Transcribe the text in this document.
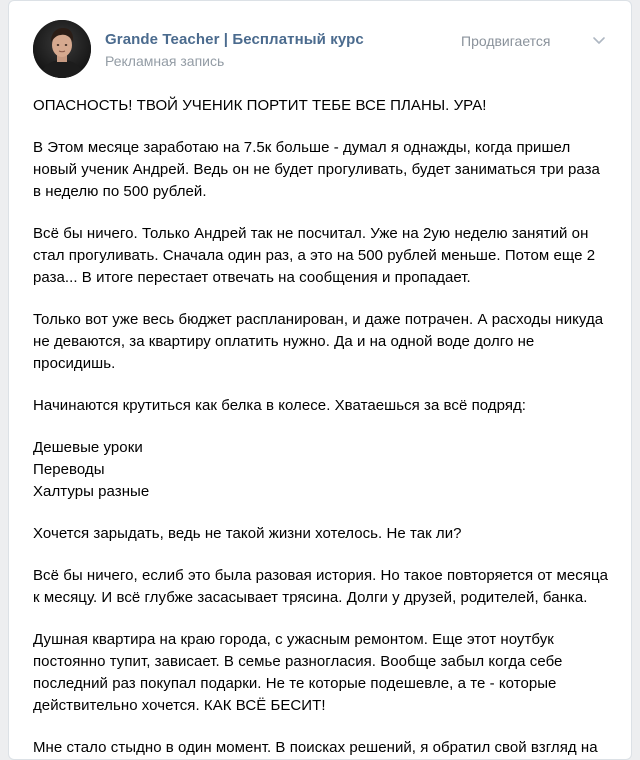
Grande Teacher | Бесплатный курс
Рекламная запись
Продвигается

ОПАСНОСТЬ! ТВОЙ УЧЕНИК ПОРТИТ ТЕБЕ ВСЕ ПЛАНЫ. УРА!

В Этом месяце заработаю на 7.5к больше - думал я однажды, когда пришел новый ученик Андрей. Ведь он не будет прогуливать, будет заниматься три раза в неделю по 500 рублей.

Всё бы ничего. Только Андрей так не посчитал. Уже на 2ую неделю занятий он стал прогуливать. Сначала один раз, а это на 500 рублей меньше. Потом еще 2 раза... В итоге перестает отвечать на сообщения и пропадает.

Только вот уже весь бюджет распланирован, и даже потрачен. А расходы никуда не деваются, за квартиру оплатить нужно. Да и на одной воде долго не просидишь.

Начинаются крутиться как белка в колесе. Хватаешься за всё подряд:

Дешевые уроки

Переводы

Халтуры разные

Хочется зарыдать, ведь не такой жизни хотелось. Не так ли?

Всё бы ничего, еслиб это была разовая история. Но такое повторяется от месяца к месяцу. И всё глубже засасывает трясина. Долги у друзей, родителей, банка.

Душная квартира на краю города, с ужасным ремонтом. Еще этот ноутбук постоянно тупит, зависает. В семье разногласия. Вообще забыл когда себе последний раз покупал подарки. Не те которые подешевле, а те - которые действительно хочется. КАК ВСЁ БЕСИТ!

Мне стало стыдно в один момент. В поисках решений, я обратил свой взгляд на
